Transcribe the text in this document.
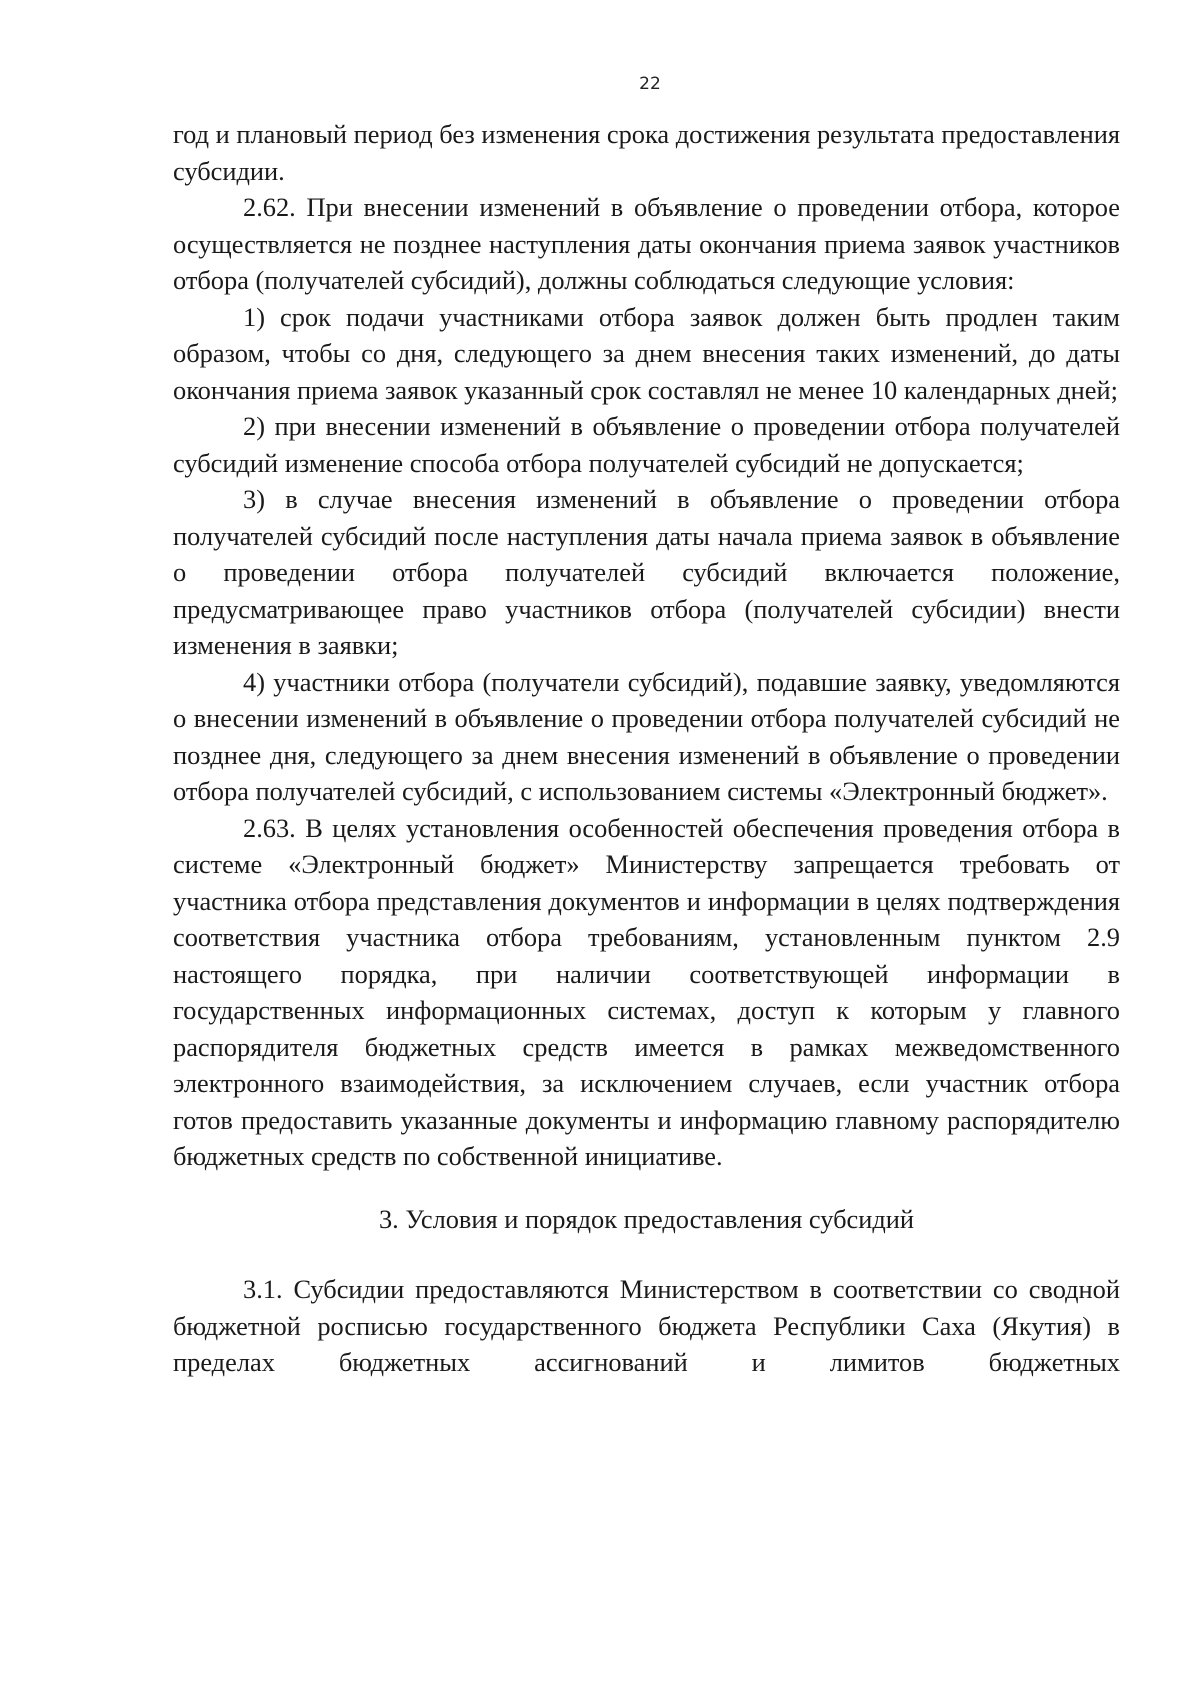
22

год и плановый период без изменения срока достижения результата предоставления субсидии.

2.62. При внесении изменений в объявление о проведении отбора, которое осуществляется не позднее наступления даты окончания приема заявок участников отбора (получателей субсидий), должны соблюдаться следующие условия:

1) срок подачи участниками отбора заявок должен быть продлен таким образом, чтобы со дня, следующего за днем внесения таких изменений, до даты окончания приема заявок указанный срок составлял не менее 10 календарных дней;

2) при внесении изменений в объявление о проведении отбора получателей субсидий изменение способа отбора получателей субсидий не допускается;

3) в случае внесения изменений в объявление о проведении отбора получателей субсидий после наступления даты начала приема заявок в объявление о проведении отбора получателей субсидий включается положение, предусматривающее право участников отбора (получателей субсидии) внести изменения в заявки;

4) участники отбора (получатели субсидий), подавшие заявку, уведомляются о внесении изменений в объявление о проведении отбора получателей субсидий не позднее дня, следующего за днем внесения изменений в объявление о проведении отбора получателей субсидий, с использованием системы «Электронный бюджет».

2.63. В целях установления особенностей обеспечения проведения отбора в системе «Электронный бюджет» Министерству запрещается требовать от участника отбора представления документов и информации в целях подтверждения соответствия участника отбора требованиям, установленным пунктом 2.9 настоящего порядка, при наличии соответствующей информации в государственных информационных системах, доступ к которым у главного распорядителя бюджетных средств имеется в рамках межведомственного электронного взаимодействия, за исключением случаев, если участник отбора готов предоставить указанные документы и информацию главному распорядителю бюджетных средств по собственной инициативе.

3. Условия и порядок предоставления субсидий

3.1. Субсидии предоставляются Министерством в соответствии со сводной бюджетной росписью государственного бюджета Республики Саха (Якутия) в пределах бюджетных ассигнований и лимитов бюджетных
